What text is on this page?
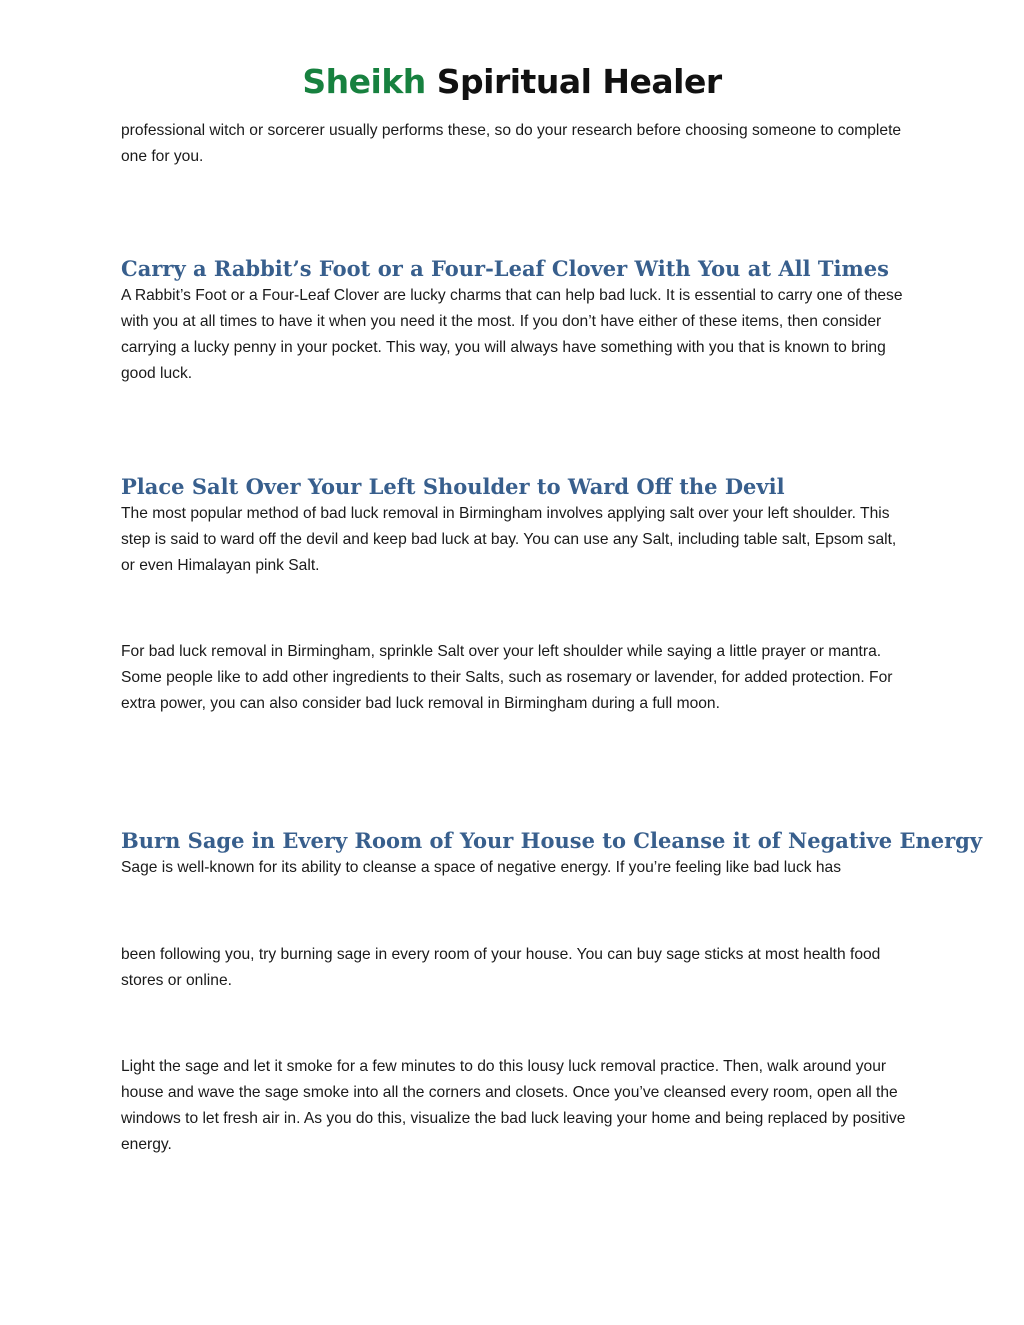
Sheikh Spiritual Healer

professional witch or sorcerer usually performs these, so do your research before choosing someone to complete one for you.

Carry a Rabbit’s Foot or a Four-Leaf Clover With You at All Times

A Rabbit’s Foot or a Four-Leaf Clover are lucky charms that can help bad luck. It is essential to carry one of these with you at all times to have it when you need it the most. If you don’t have either of these items, then consider carrying a lucky penny in your pocket. This way, you will always have something with you that is known to bring good luck.

Place Salt Over Your Left Shoulder to Ward Off the Devil

The most popular method of bad luck removal in Birmingham involves applying salt over your left shoulder. This step is said to ward off the devil and keep bad luck at bay. You can use any Salt, including table salt, Epsom salt, or even Himalayan pink Salt.

For bad luck removal in Birmingham, sprinkle Salt over your left shoulder while saying a little prayer or mantra. Some people like to add other ingredients to their Salts, such as rosemary or lavender, for added protection. For extra power, you can also consider bad luck removal in Birmingham during a full moon.

Burn Sage in Every Room of Your House to Cleanse it of Negative Energy

Sage is well-known for its ability to cleanse a space of negative energy. If you’re feeling like bad luck has

been following you, try burning sage in every room of your house. You can buy sage sticks at most health food stores or online.

Light the sage and let it smoke for a few minutes to do this lousy luck removal practice. Then, walk around your house and wave the sage smoke into all the corners and closets. Once you’ve cleansed every room, open all the windows to let fresh air in. As you do this, visualize the bad luck leaving your home and being replaced by positive energy.
